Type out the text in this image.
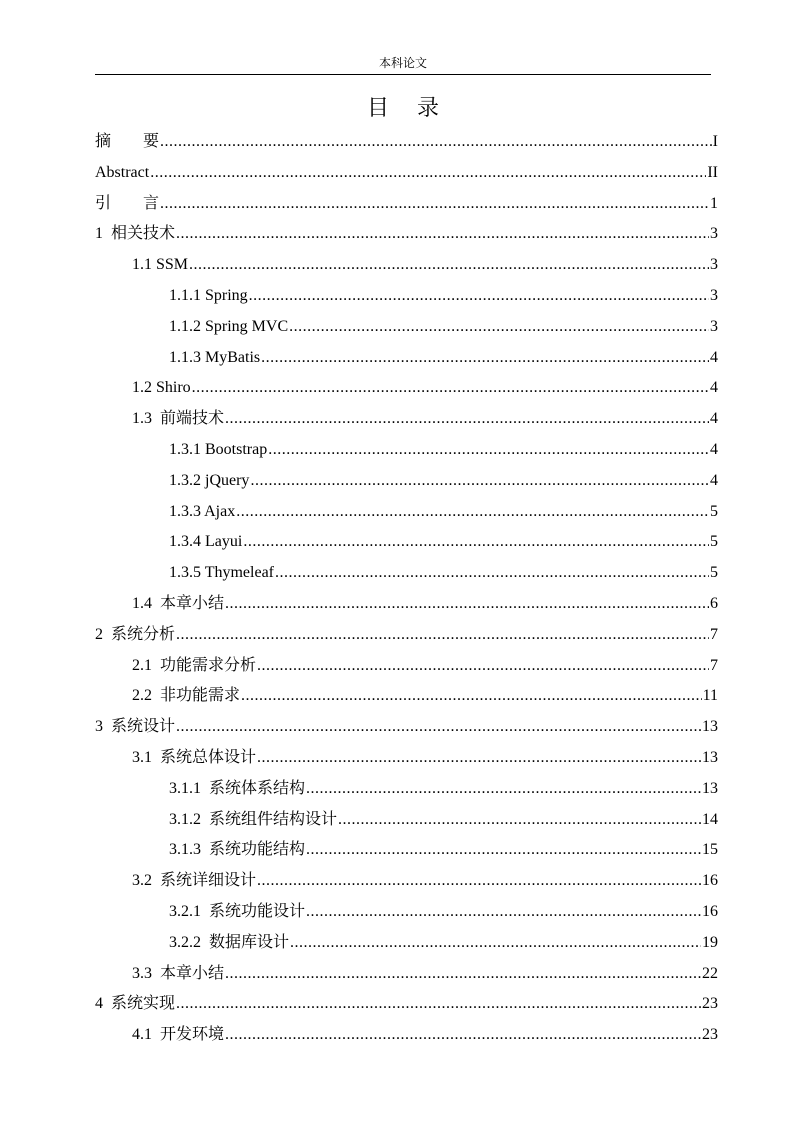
本科论文
目录
摘　　要 .....	I
Abstract .....	II
引　　言 .....	1
1  相关技术 .....	3
1.1 SSM .....	3
1.1.1 Spring .....	3
1.1.2 Spring MVC .....	3
1.1.3 MyBatis .....	4
1.2 Shiro .....	4
1.3  前端技术 .....	4
1.3.1 Bootstrap .....	4
1.3.2 jQuery .....	4
1.3.3 Ajax .....	5
1.3.4 Layui .....	5
1.3.5 Thymeleaf .....	5
1.4  本章小结 .....	6
2  系统分析 .....	7
2.1  功能需求分析 .....	7
2.2  非功能需求 .....	11
3  系统设计 .....	13
3.1  系统总体设计 .....	13
3.1.1  系统体系结构 .....	13
3.1.2  系统组件结构设计 .....	14
3.1.3  系统功能结构 .....	15
3.2  系统详细设计 .....	16
3.2.1  系统功能设计 .....	16
3.2.2  数据库设计 .....	19
3.3  本章小结 .....	22
4  系统实现 .....	23
4.1  开发环境 .....	23
